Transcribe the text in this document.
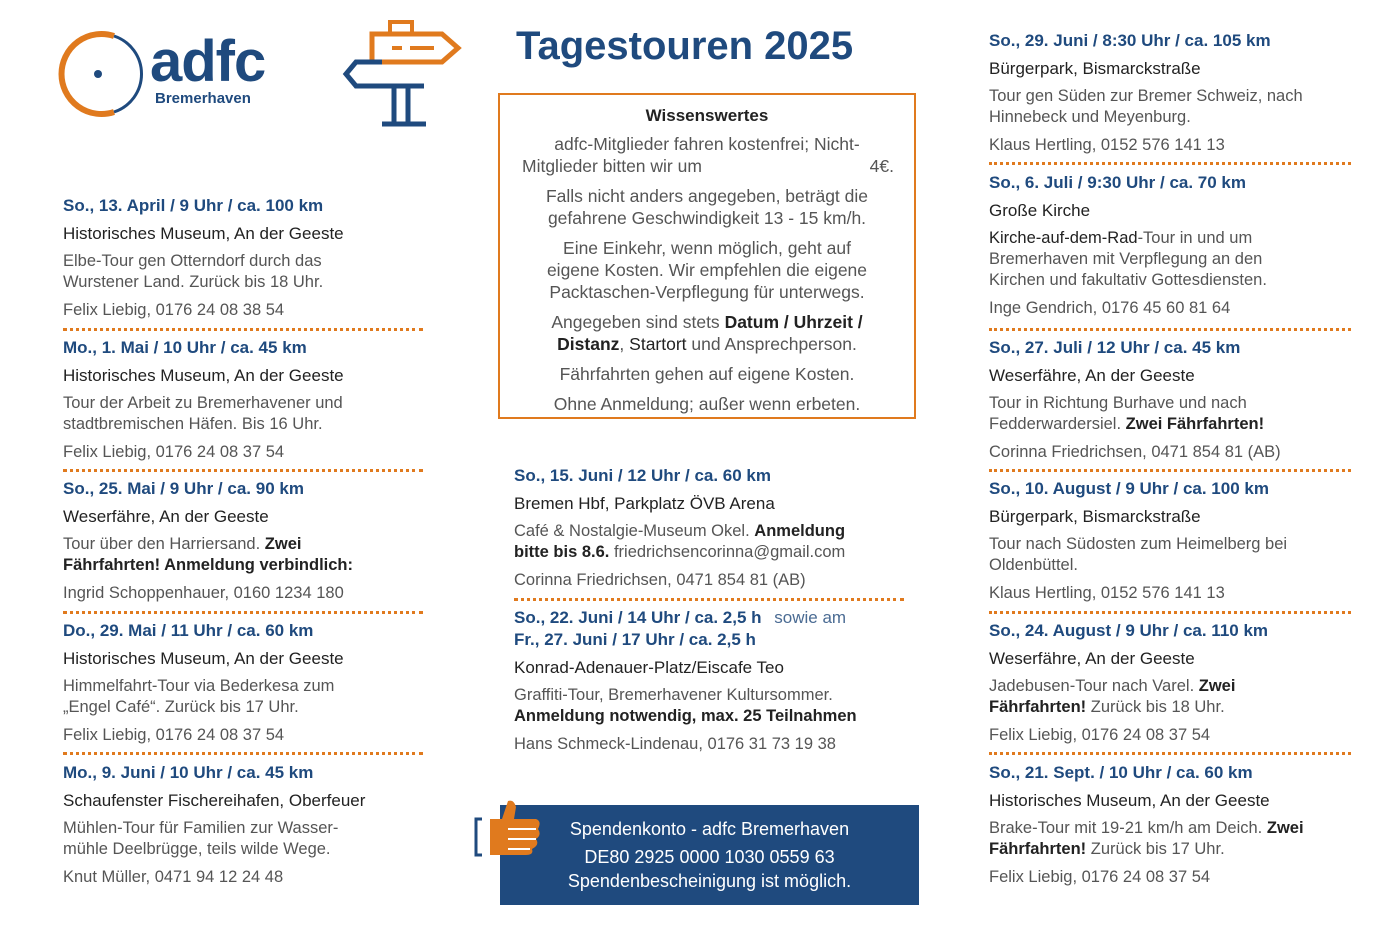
adfc
Bremerhaven
Tagestouren 2025

Wissenswertes

adfc-Mitglieder fahren kostenfrei; Nicht-

Mitglieder bitten wir um	4€.

Falls nicht anders angegeben, beträgt die

gefahrene Geschwindigkeit 13 - 15 km/h.

Eine Einkehr, wenn möglich, geht auf

eigene Kosten. Wir empfehlen die eigene

Packtaschen-Verpflegung für unterwegs.

Angegeben sind stets Datum / Uhrzeit /

Distanz, Startort und Ansprechperson.

Fährfahrten gehen auf eigene Kosten.

Ohne Anmeldung; außer wenn erbeten.

So., 13. April / 9 Uhr / ca. 100 km
Historisches Museum, An der Geeste
Elbe-Tour gen Otterndorf durch das
Wurstener Land. Zurück bis 18 Uhr.
Felix Liebig, 0176 24 08 38 54
Mo., 1. Mai / 10 Uhr / ca. 45 km
Historisches Museum, An der Geeste
Tour der Arbeit zu Bremerhavener und
stadtbremischen Häfen. Bis 16 Uhr.
Felix Liebig, 0176 24 08 37 54
So., 25. Mai / 9 Uhr / ca. 90 km
Weserfähre, An der Geeste
Tour über den Harriersand. Zwei
Fährfahrten! Anmeldung verbindlich:
Ingrid Schoppenhauer, 0160 1234 180
Do., 29. Mai / 11 Uhr / ca. 60 km
Historisches Museum, An der Geeste
Himmelfahrt-Tour via Bederkesa zum
„Engel Café“. Zurück bis 17 Uhr.
Felix Liebig, 0176 24 08 37 54
Mo., 9. Juni / 10 Uhr / ca. 45 km
Schaufenster Fischereihafen, Oberfeuer
Mühlen-Tour für Familien zur Wasser-
mühle Deelbrügge, teils wilde Wege.
Knut Müller, 0471 94 12 24 48
So., 15. Juni / 12 Uhr / ca. 60 km
Bremen Hbf, Parkplatz ÖVB Arena
Café & Nostalgie-Museum Okel. Anmeldung
bitte bis 8.6. friedrichsencorinna@gmail.com
Corinna Friedrichsen, 0471 854 81 (AB)
So., 22. Juni / 14 Uhr / ca. 2,5 h sowie am
Fr., 27. Juni / 17 Uhr / ca. 2,5 h
Konrad-Adenauer-Platz/Eiscafe Teo
Graffiti-Tour, Bremerhavener Kultursommer.
Anmeldung notwendig, max. 25 Teilnahmen
Hans Schmeck-Lindenau, 0176 31 73 19 38
Spendenkonto - adfc Bremerhaven
DE80 2925 0000 1030 0559 63
Spendenbescheinigung ist möglich.
So., 29. Juni / 8:30 Uhr / ca. 105 km
Bürgerpark, Bismarckstraße
Tour gen Süden zur Bremer Schweiz, nach
Hinnebeck und Meyenburg.
Klaus Hertling, 0152 576 141 13
So., 6. Juli / 9:30 Uhr / ca. 70 km
Große Kirche
Kirche-auf-dem-Rad-Tour in und um
Bremerhaven mit Verpflegung an den
Kirchen und fakultativ Gottesdiensten.
Inge Gendrich, 0176 45 60 81 64
So., 27. Juli / 12 Uhr / ca. 45 km
Weserfähre, An der Geeste
Tour in Richtung Burhave und nach
Fedderwardersiel. Zwei Fährfahrten!
Corinna Friedrichsen, 0471 854 81 (AB)
So., 10. August / 9 Uhr / ca. 100 km
Bürgerpark, Bismarckstraße
Tour nach Südosten zum Heimelberg bei
Oldenbüttel.
Klaus Hertling, 0152 576 141 13
So., 24. August / 9 Uhr / ca. 110 km
Weserfähre, An der Geeste
Jadebusen-Tour nach Varel. Zwei
Fährfahrten! Zurück bis 18 Uhr.
Felix Liebig, 0176 24 08 37 54
So., 21. Sept. / 10 Uhr / ca. 60 km
Historisches Museum, An der Geeste
Brake-Tour mit 19-21 km/h am Deich. Zwei
Fährfahrten! Zurück bis 17 Uhr.
Felix Liebig, 0176 24 08 37 54
